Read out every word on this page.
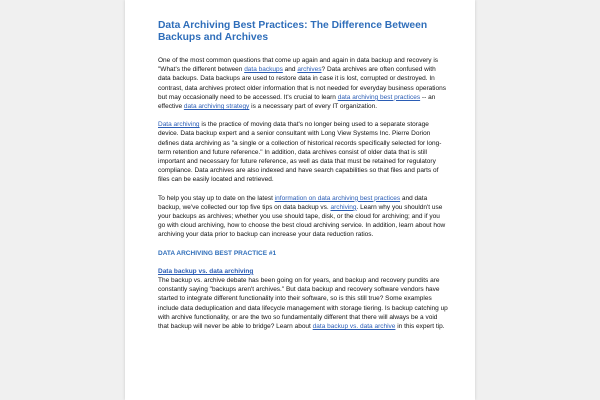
Data Archiving Best Practices: The Difference Between Backups and Archives

One of the most common questions that come up again and again in data backup and recovery is "What's the different between data backups and archives? Data archives are often confused with data backups. Data backups are used to restore data in case it is lost, corrupted or destroyed. In contrast, data archives protect older information that is not needed for everyday business operations but may occasionally need to be accessed. It's crucial to learn data archiving best practices -- an effective data archiving strategy is a necessary part of every IT organization.

Data archiving is the practice of moving data that's no longer being used to a separate storage device. Data backup expert and a senior consultant with Long View Systems Inc. Pierre Dorion defines data archiving as "a single or a collection of historical records specifically selected for long-term retention and future reference." In addition, data archives consist of older data that is still important and necessary for future reference, as well as data that must be retained for regulatory compliance. Data archives are also indexed and have search capabilities so that files and parts of files can be easily located and retrieved.

To help you stay up to date on the latest information on data archiving best practices and data backup, we've collected our top five tips on data backup vs. archiving. Learn why you shouldn't use your backups as archives; whether you use should tape, disk, or the cloud for archiving; and if you go with cloud archiving, how to choose the best cloud archiving service. In addition, learn about how archiving your data prior to backup can increase your data reduction ratios.

DATA ARCHIVING BEST PRACTICE #1
Data backup vs. data archiving

The backup vs. archive debate has been going on for years, and backup and recovery pundits are constantly saying "backups aren't archives." But data backup and recovery software vendors have started to integrate different functionality into their software, so is this still true? Some examples include data deduplication and data lifecycle management with storage tiering. Is backup catching up with archive functionality, or are the two so fundamentally different that there will always be a void that backup will never be able to bridge? Learn about data backup vs. data archive in this expert tip.
